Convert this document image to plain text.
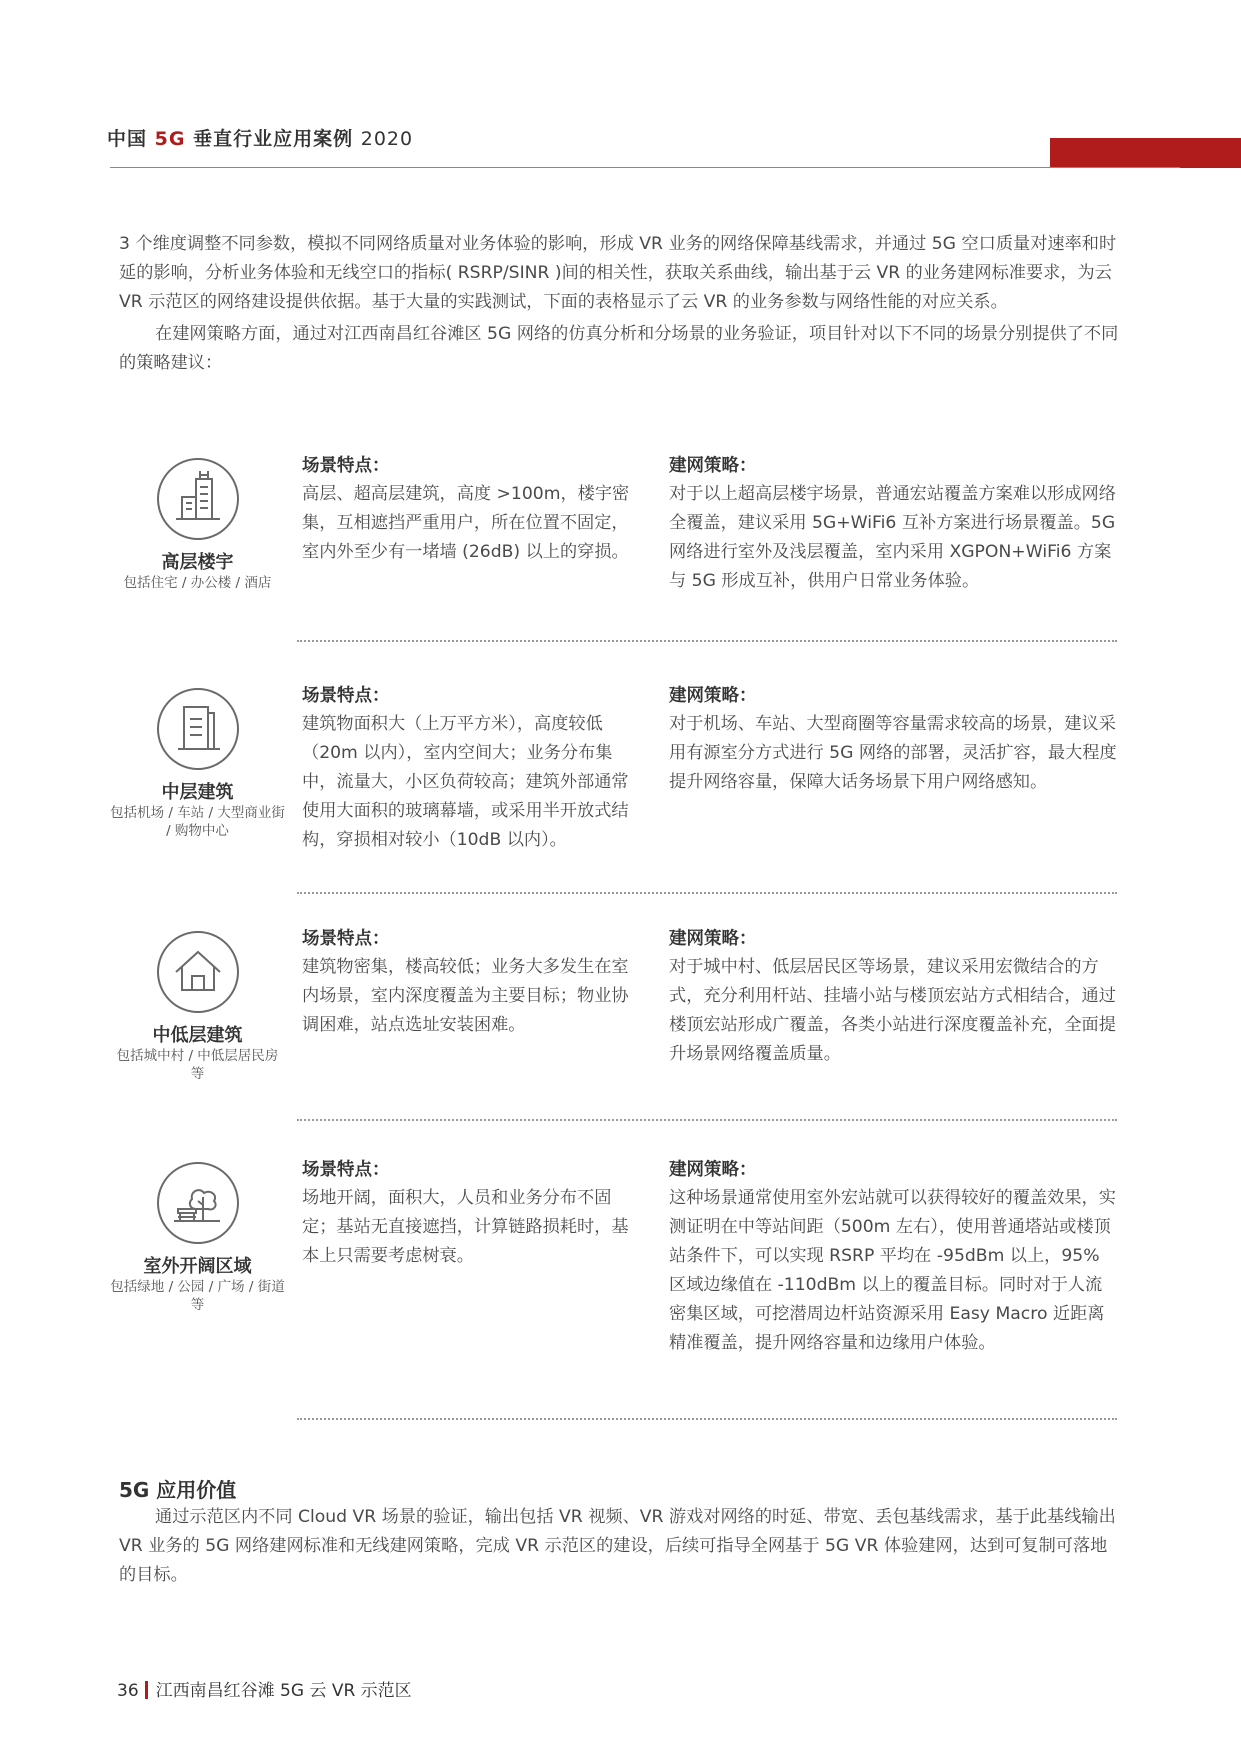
中国 5G 垂直行业应用案例 2020

3 个维度调整不同参数，模拟不同网络质量对业务体验的影响，形成 VR 业务的网络保障基线需求，并通过 5G 空口质量对速率和时延的影响，分析业务体验和无线空口的指标( RSRP/SINR )间的相关性，获取关系曲线，输出基于云 VR 的业务建网标准要求，为云 VR 示范区的网络建设提供依据。基于大量的实践测试，下面的表格显示了云 VR 的业务参数与网络性能的对应关系。

在建网策略方面，通过对江西南昌红谷滩区 5G 网络的仿真分析和分场景的业务验证，项目针对以下不同的场景分别提供了不同的策略建议：

高层楼宇
包括住宅 / 办公楼 / 酒店
场景特点：

高层、超高层建筑，高度 >100m，楼宇密集，互相遮挡严重用户，所在位置不固定，室内外至少有一堵墙 (26dB) 以上的穿损。

建网策略：

对于以上超高层楼宇场景，普通宏站覆盖方案难以形成网络全覆盖，建议采用 5G+WiFi6 互补方案进行场景覆盖。5G 网络进行室外及浅层覆盖，室内采用 XGPON+WiFi6 方案与 5G 形成互补，供用户日常业务体验。

中层建筑
包括机场 / 车站 / 大型商业街 / 购物中心
场景特点：

建筑物面积大（上万平方米），高度较低（20m 以内），室内空间大；业务分布集中，流量大，小区负荷较高；建筑外部通常使用大面积的玻璃幕墙，或采用半开放式结构，穿损相对较小（10dB 以内）。

建网策略：

对于机场、车站、大型商圈等容量需求较高的场景，建议采用有源室分方式进行 5G 网络的部署，灵活扩容，最大程度提升网络容量，保障大话务场景下用户网络感知。

中低层建筑
包括城中村 / 中低层居民房等
场景特点：

建筑物密集，楼高较低；业务大多发生在室内场景，室内深度覆盖为主要目标；物业协调困难，站点选址安装困难。

建网策略：

对于城中村、低层居民区等场景，建议采用宏微结合的方式，充分利用杆站、挂墙小站与楼顶宏站方式相结合，通过楼顶宏站形成广覆盖，各类小站进行深度覆盖补充，全面提升场景网络覆盖质量。

室外开阔区域
包括绿地 / 公园 / 广场 / 街道等
场景特点：

场地开阔，面积大，人员和业务分布不固定；基站无直接遮挡，计算链路损耗时，基本上只需要考虑树衰。

建网策略：

这种场景通常使用室外宏站就可以获得较好的覆盖效果，实测证明在中等站间距（500m 左右），使用普通塔站或楼顶站条件下，可以实现 RSRP 平均在 -95dBm 以上，95% 区域边缘值在 -110dBm 以上的覆盖目标。同时对于人流密集区域，可挖潜周边杆站资源采用 Easy Macro 近距离精准覆盖，提升网络容量和边缘用户体验。

5G 应用价值

通过示范区内不同 Cloud VR 场景的验证，输出包括 VR 视频、VR 游戏对网络的时延、带宽、丢包基线需求，基于此基线输出 VR 业务的 5G 网络建网标准和无线建网策略，完成 VR 示范区的建设，后续可指导全网基于 5G VR 体验建网，达到可复制可落地的目标。

36 江西南昌红谷滩 5G 云 VR 示范区
